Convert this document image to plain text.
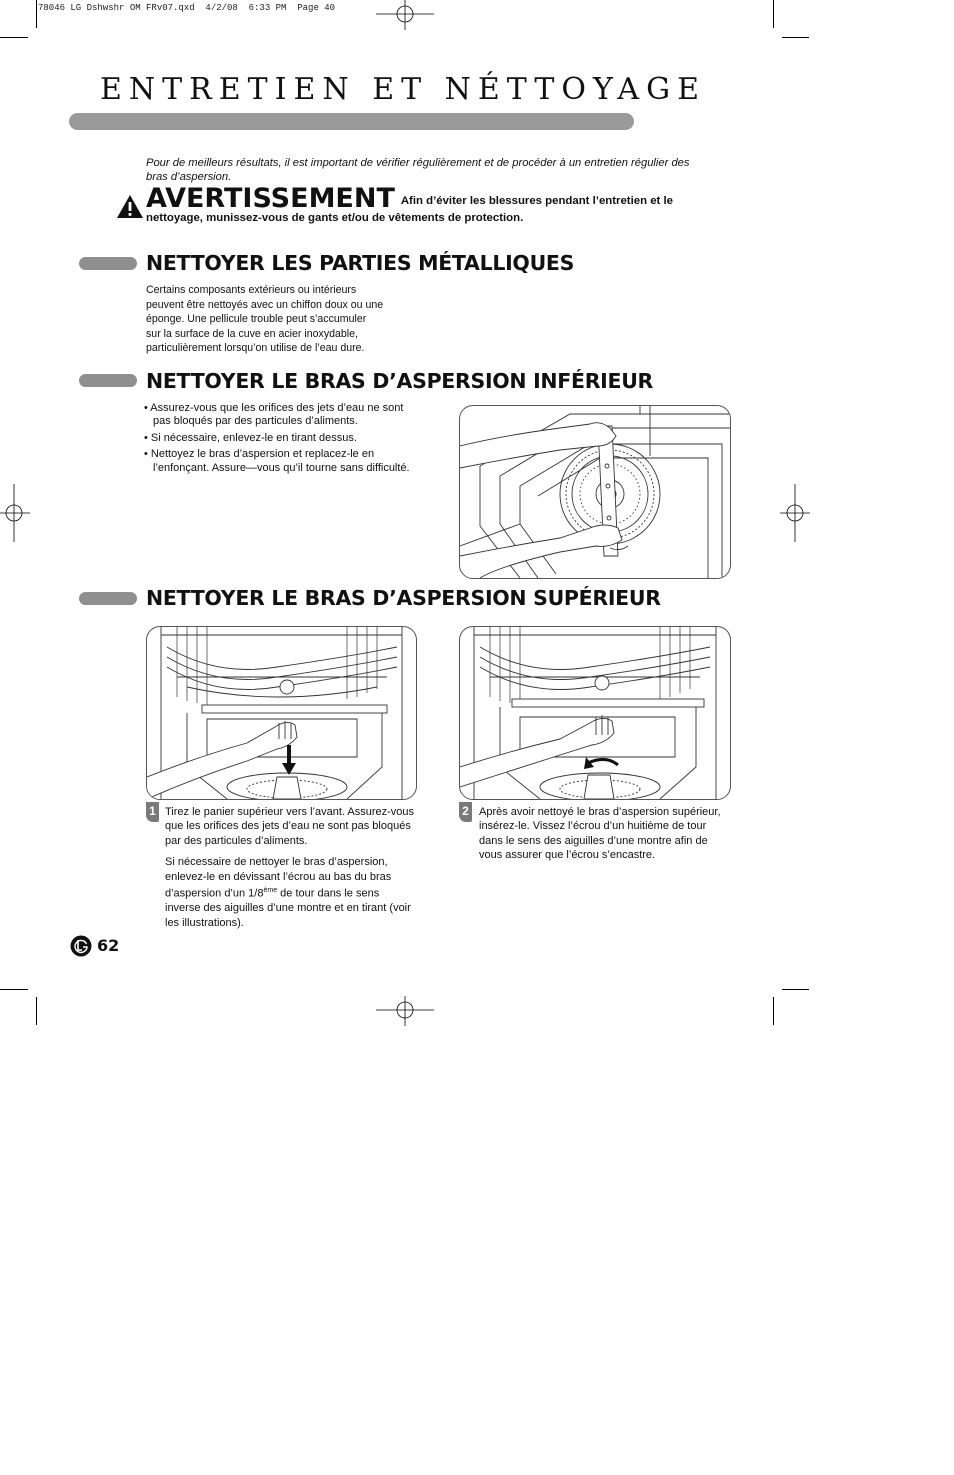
78046 LG Dshwshr OM FRv07.qxd  4/2/08  6:33 PM  Page 40
ENTRETIEN ET NÉTTOYAGE

Pour de meilleurs résultats, il est important de vérifier régulièrement et de procéder à un entretien régulier des bras d’aspersion.

AVERTISSEMENT Afin d’éviter les blessures pendant l’entretien et le nettoyage, munissez-vous de gants et/ou de vêtements de protection.
NETTOYER LES PARTIES MÉTALLIQUES

Certains composants extérieurs ou intérieurs

peuvent être nettoyés avec un chiffon doux ou une

éponge. Une pellicule trouble peut s’accumuler

sur la surface de la cuve en acier inoxydable,

particulièrement lorsqu’on utilise de l’eau dure.

NETTOYER LE BRAS D’ASPERSION INFÉRIEUR
• Assurez-vous que les orifices des jets d’eau ne sont pas bloqués par des particules d’aliments.
• Si nécessaire, enlevez-le en tirant dessus.
• Nettoyez le bras d’aspersion et replacez-le en l’enfonçant. Assure—vous qu’il tourne sans difficulté.
NETTOYER LE BRAS D’ASPERSION SUPÉRIEUR
1 Tirez le panier supérieur vers l’avant. Assurez-vous que les orifices des jets d’eau ne sont pas bloqués par des particules d’aliments.

Si nécessaire de nettoyer le bras d’aspersion, enlevez-le en dévissant l’écrou au bas du bras d’aspersion d’un 1/8ème de tour dans le sens inverse des aiguilles d’une montre et en tirant (voir les illustrations).

2 Après avoir nettoyé le bras d’aspersion supérieur, insérez-le. Vissez l’écrou d’un huitième de tour dans le sens des aiguilles d’une montre afin de vous assurer que l’écrou s’encastre.

62
